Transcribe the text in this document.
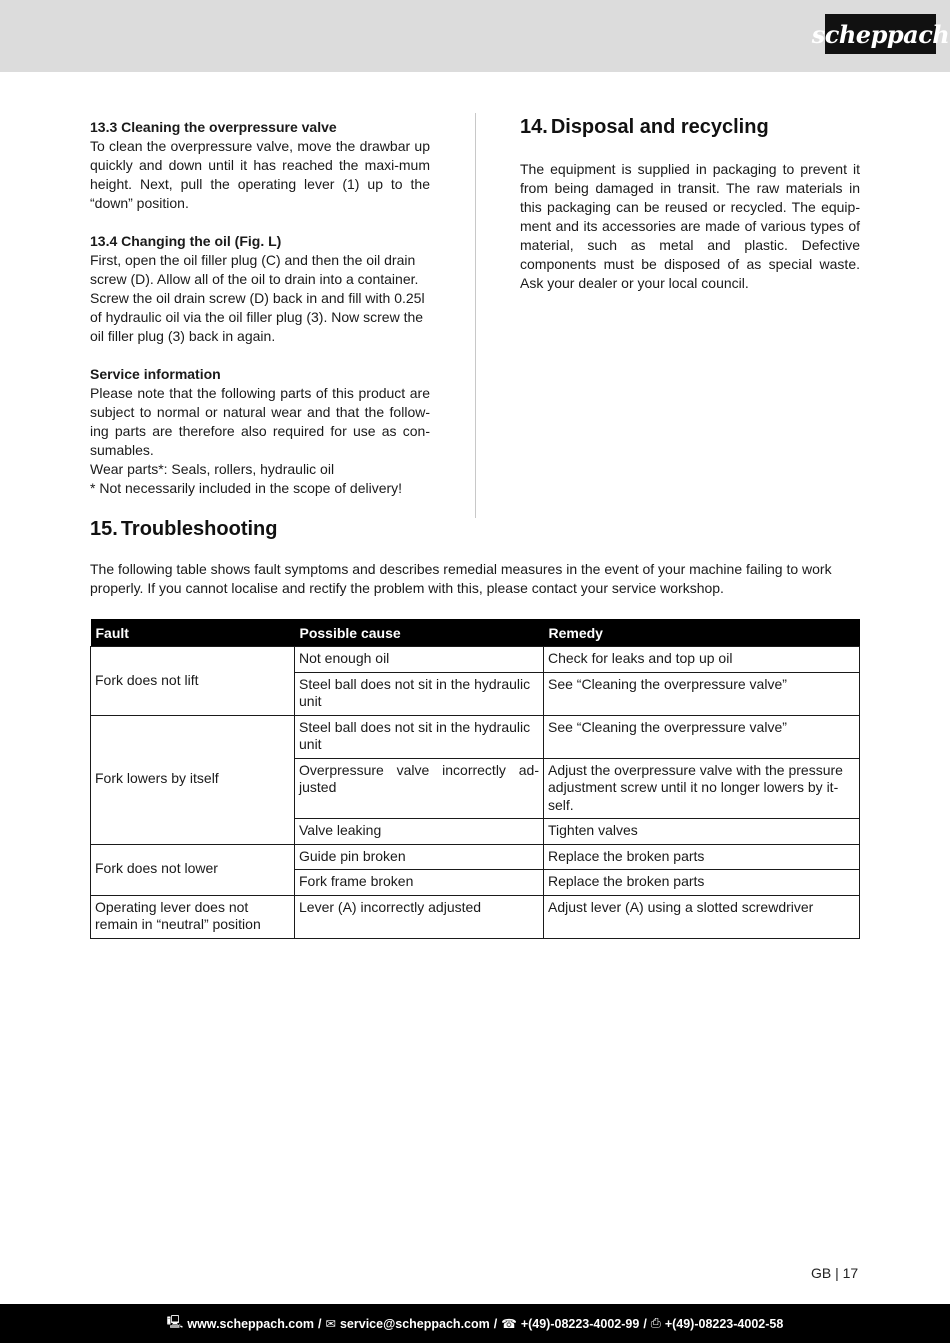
scheppach
13.3 Cleaning the overpressure valve
To clean the overpressure valve, move the drawbar up quickly and down until it has reached the maxi-mum height. Next, pull the operating lever (1) up to the “down” position.
13.4 Changing the oil (Fig. L)
First, open the oil filler plug (C) and then the oil drain screw (D). Allow all of the oil to drain into a container. Screw the oil drain screw (D) back in and fill with 0.25l of hydraulic oil via the oil filler plug (3). Now screw the oil filler plug (3) back in again.
Service information
Please note that the following parts of this product are subject to normal or natural wear and that the follow-ing parts are therefore also required for use as con-sumables.
Wear parts*: Seals, rollers, hydraulic oil
* Not necessarily included in the scope of delivery!
14. Disposal and recycling
The equipment is supplied in packaging to prevent it from being damaged in transit. The raw materials in this packaging can be reused or recycled. The equip-ment and its accessories are made of various types of material, such as metal and plastic. Defective components must be disposed of as special waste. Ask your dealer or your local council.
15. Troubleshooting
The following table shows fault symptoms and describes remedial measures in the event of your machine failing to work properly. If you cannot localise and rectify the problem with this, please contact your service workshop.
Fault	Possible cause	Remedy
Fork does not lift	Not enough oil	Check for leaks and top up oil
	Steel ball does not sit in the hydraulic unit	See “Cleaning the overpressure valve”
Fork lowers by itself	Steel ball does not sit in the hydraulic unit	See “Cleaning the overpressure valve”
	Overpressure valve incorrectly ad-justed	Adjust the overpressure valve with the pressure adjustment screw until it no longer lowers by it-self.
	Valve leaking	Tighten valves
Fork does not lower	Guide pin broken	Replace the broken parts
	Fork frame broken	Replace the broken parts
Operating lever does not remain in “neutral” position	Lever (A) incorrectly adjusted	Adjust lever (A) using a slotted screwdriver
GB | 17
🖳 www.scheppach.com / ✉ service@scheppach.com / ☎ +(49)-08223-4002-99 / ⎙ +(49)-08223-4002-58
